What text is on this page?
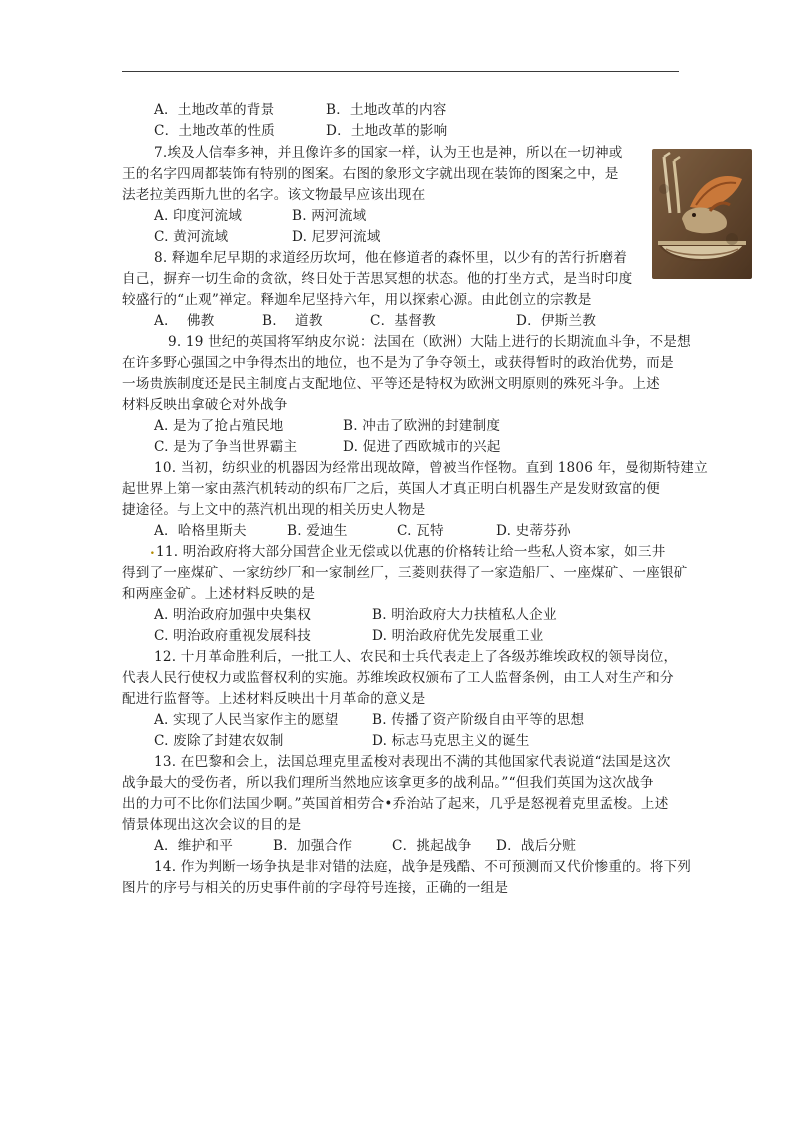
A．土地改革的背景	B．土地改革的内容
C．土地改革的性质	D．土地改革的影响
7.埃及人信奉多神，并且像许多的国家一样，认为王也是神，所以在一切神或
王的名字四周都装饰有特别的图案。右图的象形文字就出现在装饰的图案之中，是
法老拉美西斯九世的名字。该文物最早应该出现在
A. 印度河流域	B. 两河流域
C. 黄河流域	D. 尼罗河流域
8. 释迦牟尼早期的求道经历坎坷，他在修道者的森怀里，以少有的苦行折磨着
自己，摒弃一切生命的贪欲，终日处于苦思冥想的状态。他的打坐方式，是当时印度
较盛行的“止观”禅定。释迦牟尼坚持六年，用以探索心源。由此创立的宗教是
A.　 佛教	B.　 道教	C．基督教	D．伊斯兰教
9. 19 世纪的英国将军纳皮尔说：法国在（欧洲）大陆上进行的长期流血斗争，不是想
在许多野心强国之中争得杰出的地位，也不是为了争夺领土，或获得暂时的政治优势，而是
一场贵族制度还是民主制度占支配地位、平等还是特权为欧洲文明原则的殊死斗争。上述
材料反映出拿破仑对外战争
A. 是为了抢占殖民地	B. 冲击了欧洲的封建制度
C. 是为了争当世界霸主	D. 促进了西欧城市的兴起
10. 当初，纺织业的机器因为经常出现故障，曾被当作怪物。直到 1806 年，曼彻斯特建立
起世界上第一家由蒸汽机转动的织布厂之后，英国人才真正明白机器生产是发财致富的便
捷途径。与上文中的蒸汽机出现的相关历史人物是
A．哈格里斯夫	B. 爱迪生	C. 瓦特	D. 史蒂芬孙
. 11. 明治政府将大部分国营企业无偿或以优惠的价格转让给一些私人资本家，如三井
得到了一座煤矿、一家纺纱厂和一家制丝厂，三菱则获得了一家造船厂、一座煤矿、一座银矿
和两座金矿。上述材料反映的是
A. 明治政府加强中央集权	B. 明治政府大力扶植私人企业
C. 明治政府重视发展科技	D. 明治政府优先发展重工业
12. 十月革命胜利后，一批工人、农民和士兵代表走上了各级苏维埃政权的领导岗位，
代表人民行使权力或监督权利的实施。苏维埃政权颁布了工人监督条例，由工人对生产和分
配进行监督等。上述材料反映出十月革命的意义是
A. 实现了人民当家作主的愿望 B. 传播了资产阶级自由平等的思想
C. 废除了封建农奴制	D. 标志马克思主义的诞生
13. 在巴黎和会上，法国总理克里孟梭对表现出不满的其他国家代表说道“法国是这次
战争最大的受伤者，所以我们理所当然地应该拿更多的战利品。”“但我们英国为这次战争
出的力可不比你们法国少啊。”英国首相劳合•乔治站了起来，几乎是怒视着克里孟梭。上述
情景体现出这次会议的目的是
A．维护和平	B．加强合作	C．挑起战争 D．战后分赃
14. 作为判断一场争执是非对错的法庭，战争是残酷、不可预测而又代价惨重的。将下列
图片的序号与相关的历史事件前的字母符号连接，正确的一组是
